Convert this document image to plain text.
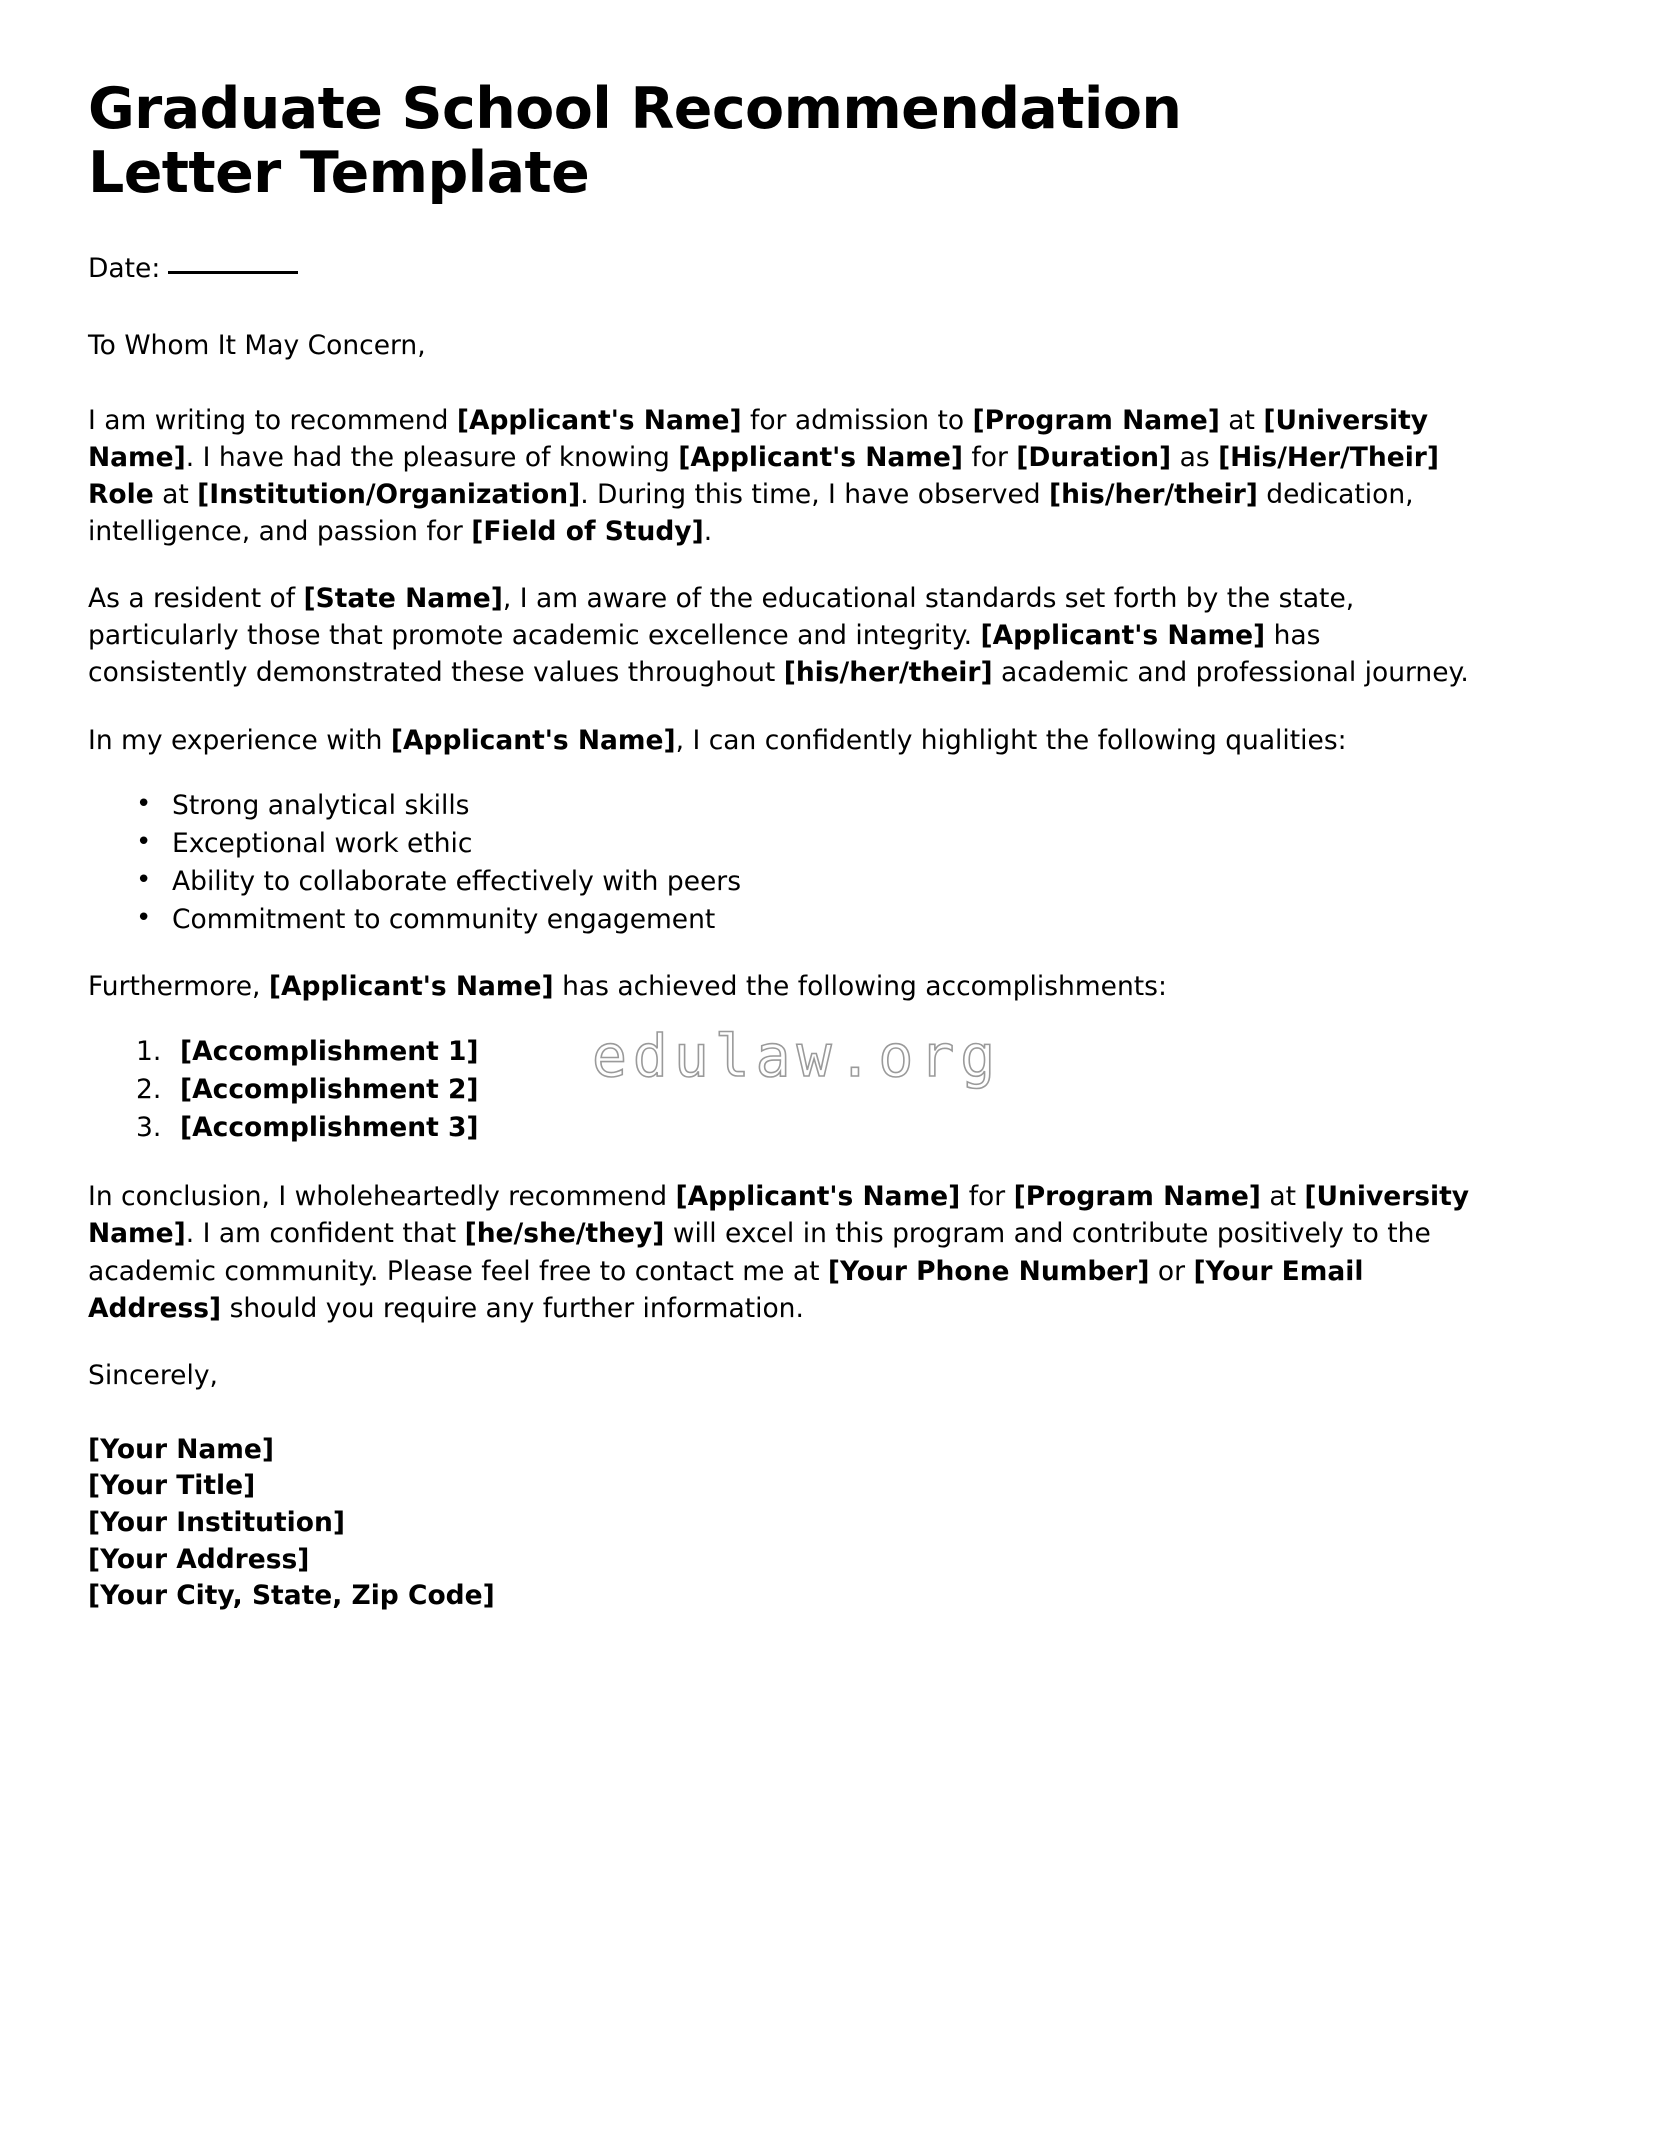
Graduate School Recommendation Letter Template
Date:
To Whom It May Concern,

I am writing to recommend [Applicant's Name] for admission to [Program Name] at [University Name]. I have had the pleasure of knowing [Applicant's Name] for [Duration] as [His/Her/Their] Role at [Institution/Organization]. During this time, I have observed [his/her/their] dedication, intelligence, and passion for [Field of Study].

As a resident of [State Name], I am aware of the educational standards set forth by the state, particularly those that promote academic excellence and integrity. [Applicant's Name] has consistently demonstrated these values throughout [his/her/their] academic and professional journey.

In my experience with [Applicant's Name], I can confidently highlight the following qualities:

• Strong analytical skills
• Exceptional work ethic
• Ability to collaborate effectively with peers
• Commitment to community engagement

Furthermore, [Applicant's Name] has achieved the following accomplishments:

[Accomplishment 1]
[Accomplishment 2]
[Accomplishment 3]

In conclusion, I wholeheartedly recommend [Applicant's Name] for [Program Name] at [University Name]. I am confident that [he/she/they] will excel in this program and contribute positively to the academic community. Please feel free to contact me at [Your Phone Number] or [Your Email Address] should you require any further information.

Sincerely,
[Your Name]
[Your Title]
[Your Institution]
[Your Address]
[Your City, State, Zip Code]
edulaw.org
